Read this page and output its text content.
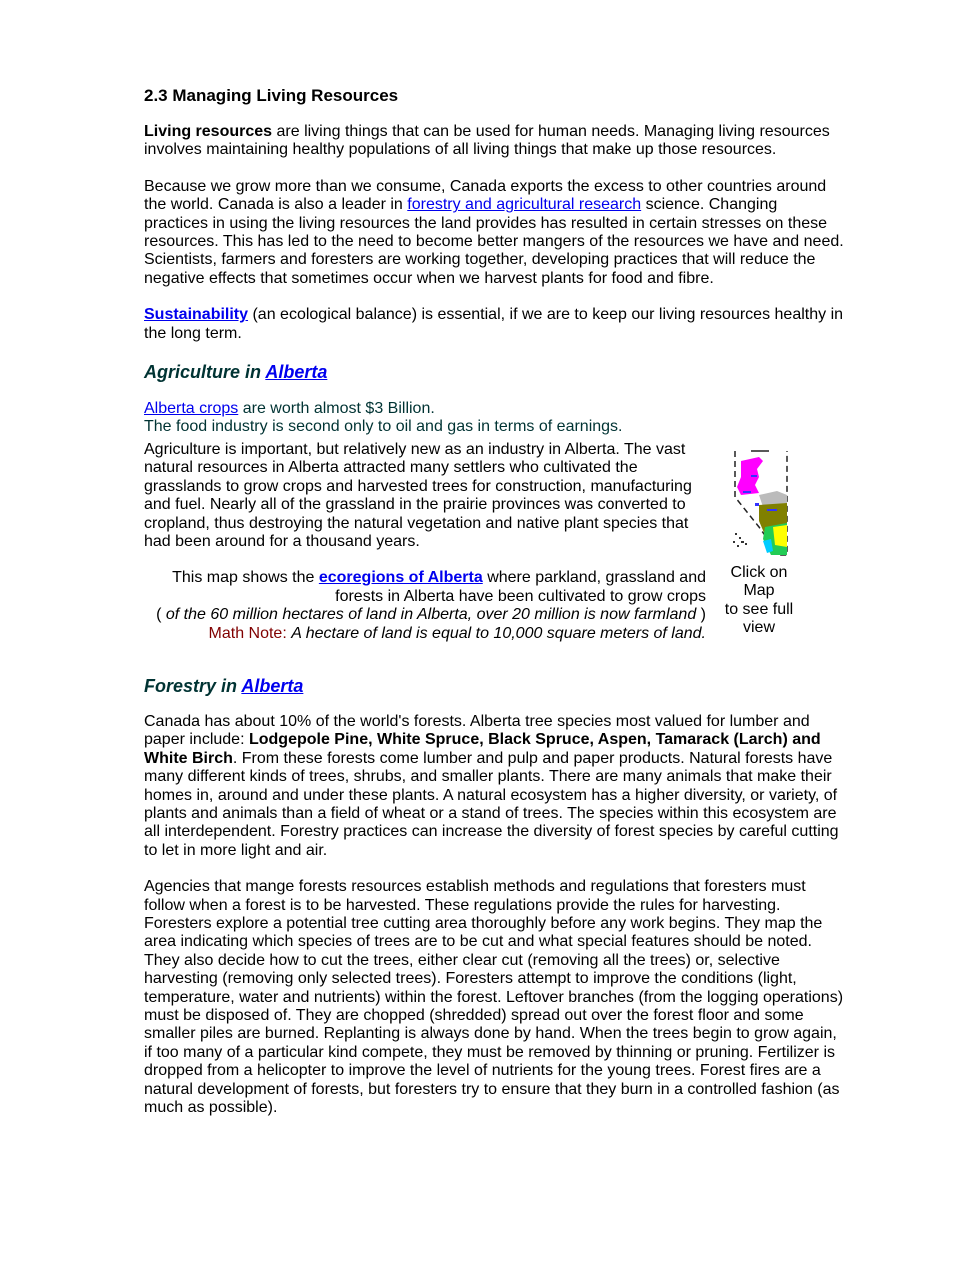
2.3 Managing Living Resources

Living resources are living things that can be used for human needs. Managing living resources involves maintaining healthy populations of all living things that make up those resources.

Because we grow more than we consume, Canada exports the excess to other countries around the world. Canada is also a leader in forestry and agricultural research science. Changing practices in using the living resources the land provides has resulted in certain stresses on these resources. This has led to the need to become better mangers of the resources we have and need. Scientists, farmers and foresters are working together, developing practices that will reduce the negative effects that sometimes occur when we harvest plants for food and fibre.

Sustainability (an ecological balance) is essential, if we are to keep our living resources healthy in the long term.

Agriculture in Alberta

Alberta crops are worth almost $3 Billion.

The food industry is second only to oil and gas in terms of earnings.

Agriculture is important, but relatively new as an industry in Alberta. The vast natural resources in Alberta attracted many settlers who cultivated the grasslands to grow crops and harvested trees for construction, manufacturing and fuel. Nearly all of the grassland in the prairie provinces was converted to cropland, thus destroying the natural vegetation and native plant species that had been around for a thousand years.

Click on
Map
to see full
view

This map shows the ecoregions of Alberta where parkland, grassland and forests in Alberta have been cultivated to grow crops

( of the 60 million hectares of land in Alberta, over 20 million is now farmland )

Math Note: A hectare of land is equal to 10,000 square meters of land.

Forestry in Alberta

Canada has about 10% of the world's forests. Alberta tree species most valued for lumber and paper include: Lodgepole Pine, White Spruce, Black Spruce, Aspen, Tamarack (Larch) and White Birch. From these forests come lumber and pulp and paper products. Natural forests have many different kinds of trees, shrubs, and smaller plants. There are many animals that make their homes in, around and under these plants. A natural ecosystem has a higher diversity, or variety, of plants and animals than a field of wheat or a stand of trees. The species within this ecosystem are all interdependent. Forestry practices can increase the diversity of forest species by careful cutting to let in more light and air.

Agencies that mange forests resources establish methods and regulations that foresters must follow when a forest is to be harvested. These regulations provide the rules for harvesting. Foresters explore a potential tree cutting area thoroughly before any work begins. They map the area indicating which species of trees are to be cut and what special features should be noted. They also decide how to cut the trees, either clear cut (removing all the trees) or, selective harvesting (removing only selected trees). Foresters attempt to improve the conditions (light, temperature, water and nutrients) within the forest. Leftover branches (from the logging operations) must be disposed of. They are chopped (shredded) spread out over the forest floor and some smaller piles are burned. Replanting is always done by hand. When the trees begin to grow again, if too many of a particular kind compete, they must be removed by thinning or pruning. Fertilizer is dropped from a helicopter to improve the level of nutrients for the young trees. Forest fires are a natural development of forests, but foresters try to ensure that they burn in a controlled fashion (as much as possible).
